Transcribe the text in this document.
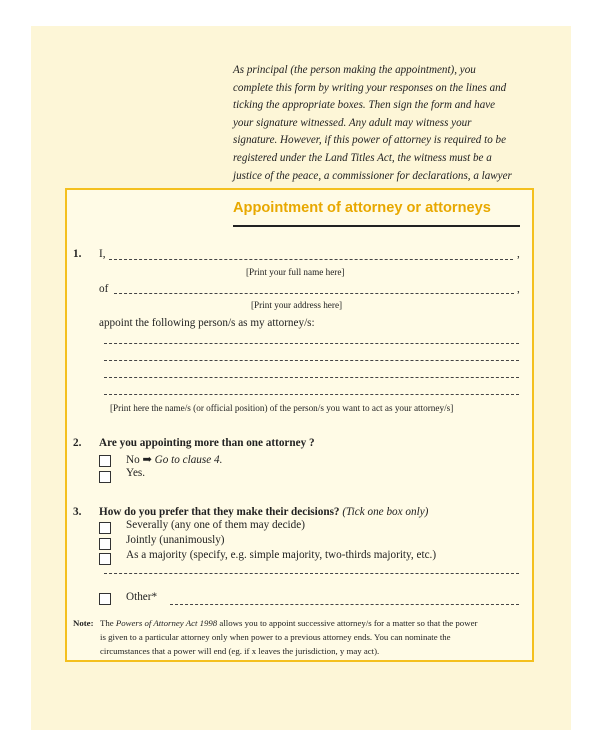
As principal (the person making the appointment), you
complete this form by writing your responses on the lines and
ticking the appropriate boxes. Then sign the form and have
your signature witnessed. Any adult may witness your
signature. However, if this power of attorney is required to be
registered under the Land Titles Act, the witness must be a
justice of the peace, a commissioner for declarations, a lawyer
Appointment of attorney or attorneys
1. I,	,
[Print your full name here]
of	,
[Print your address here]
appoint the following person/s as my attorney/s:
[Print here the name/s (or official position) of the person/s you want to act as your attorney/s]
2. Are you appointing more than one attorney ?
No ➡ Go to clause 4.
Yes.
3. How do you prefer that they make their decisions? (Tick one box only)
Severally (any one of them may decide)
Jointly (unanimously)
As a majority (specify, e.g. simple majority, two-thirds majority, etc.)
Other*
Note: The Powers of Attorney Act 1998 allows you to appoint successive attorney/s for a matter so that the power
is given to a particular attorney only when power to a previous attorney ends. You can nominate the
circumstances that a power will end (eg. if x leaves the jurisdiction, y may act).
